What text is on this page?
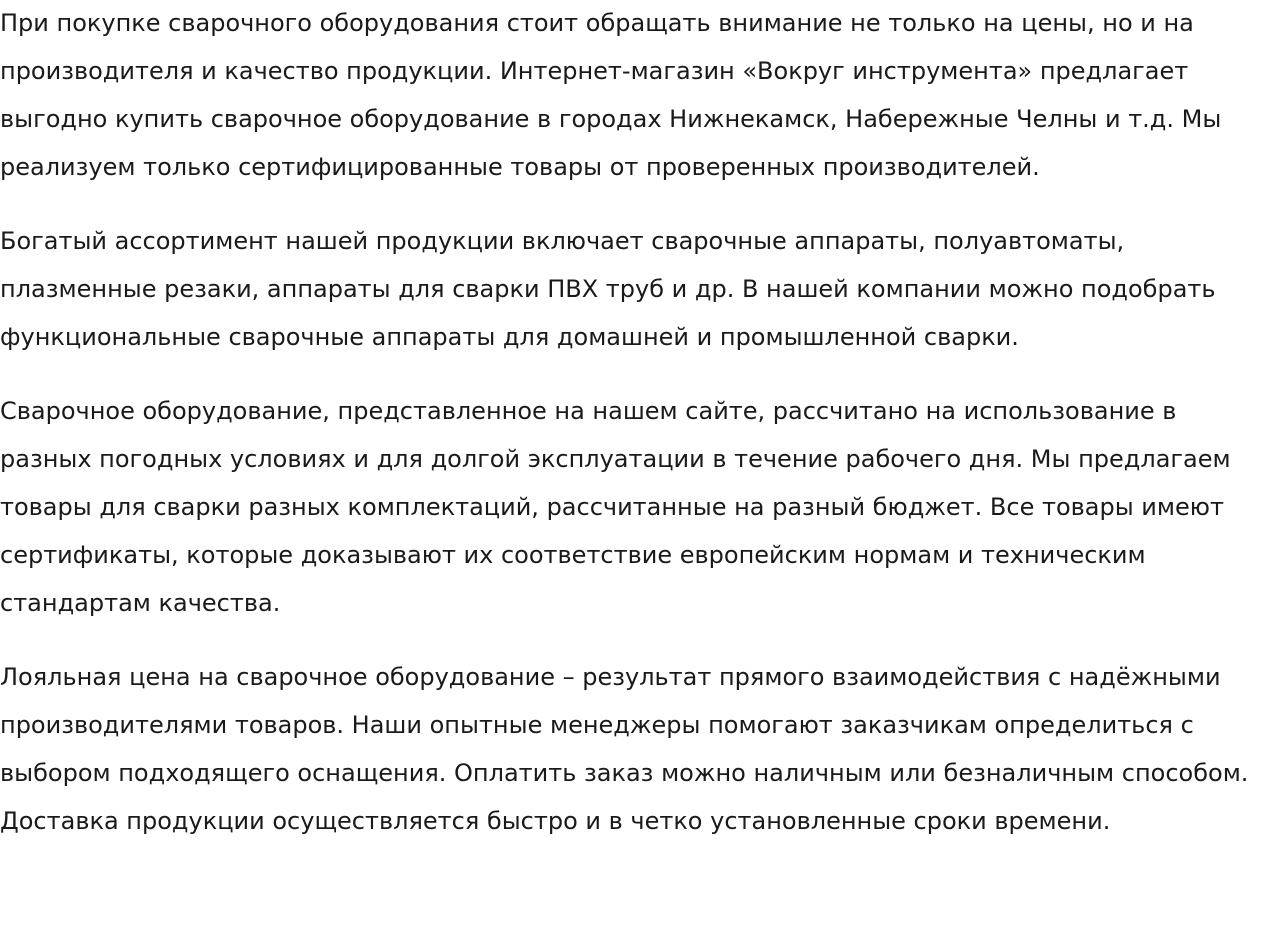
При покупке сварочного оборудования стоит обращать внимание не только на цены, но и на производителя и качество продукции. Интернет-магазин «Вокруг инструмента» предлагает выгодно купить сварочное оборудование в городах Нижнекамск, Набережные Челны и т.д. Мы реализуем только сертифицированные товары от проверенных производителей.

Богатый ассортимент нашей продукции включает сварочные аппараты, полуавтоматы, плазменные резаки, аппараты для сварки ПВХ труб и др. В нашей компании можно подобрать функциональные сварочные аппараты для домашней и промышленной сварки.

Сварочное оборудование, представленное на нашем сайте, рассчитано на использование в разных погодных условиях и для долгой эксплуатации в течение рабочего дня. Мы предлагаем товары для сварки разных комплектаций, рассчитанные на разный бюджет. Все товары имеют сертификаты, которые доказывают их соответствие европейским нормам и техническим стандартам качества.

Лояльная цена на сварочное оборудование – результат прямого взаимодействия с надёжными производителями товаров. Наши опытные менеджеры помогают заказчикам определиться с выбором подходящего оснащения. Оплатить заказ можно наличным или безналичным способом. Доставка продукции осуществляется быстро и в четко установленные сроки времени.
